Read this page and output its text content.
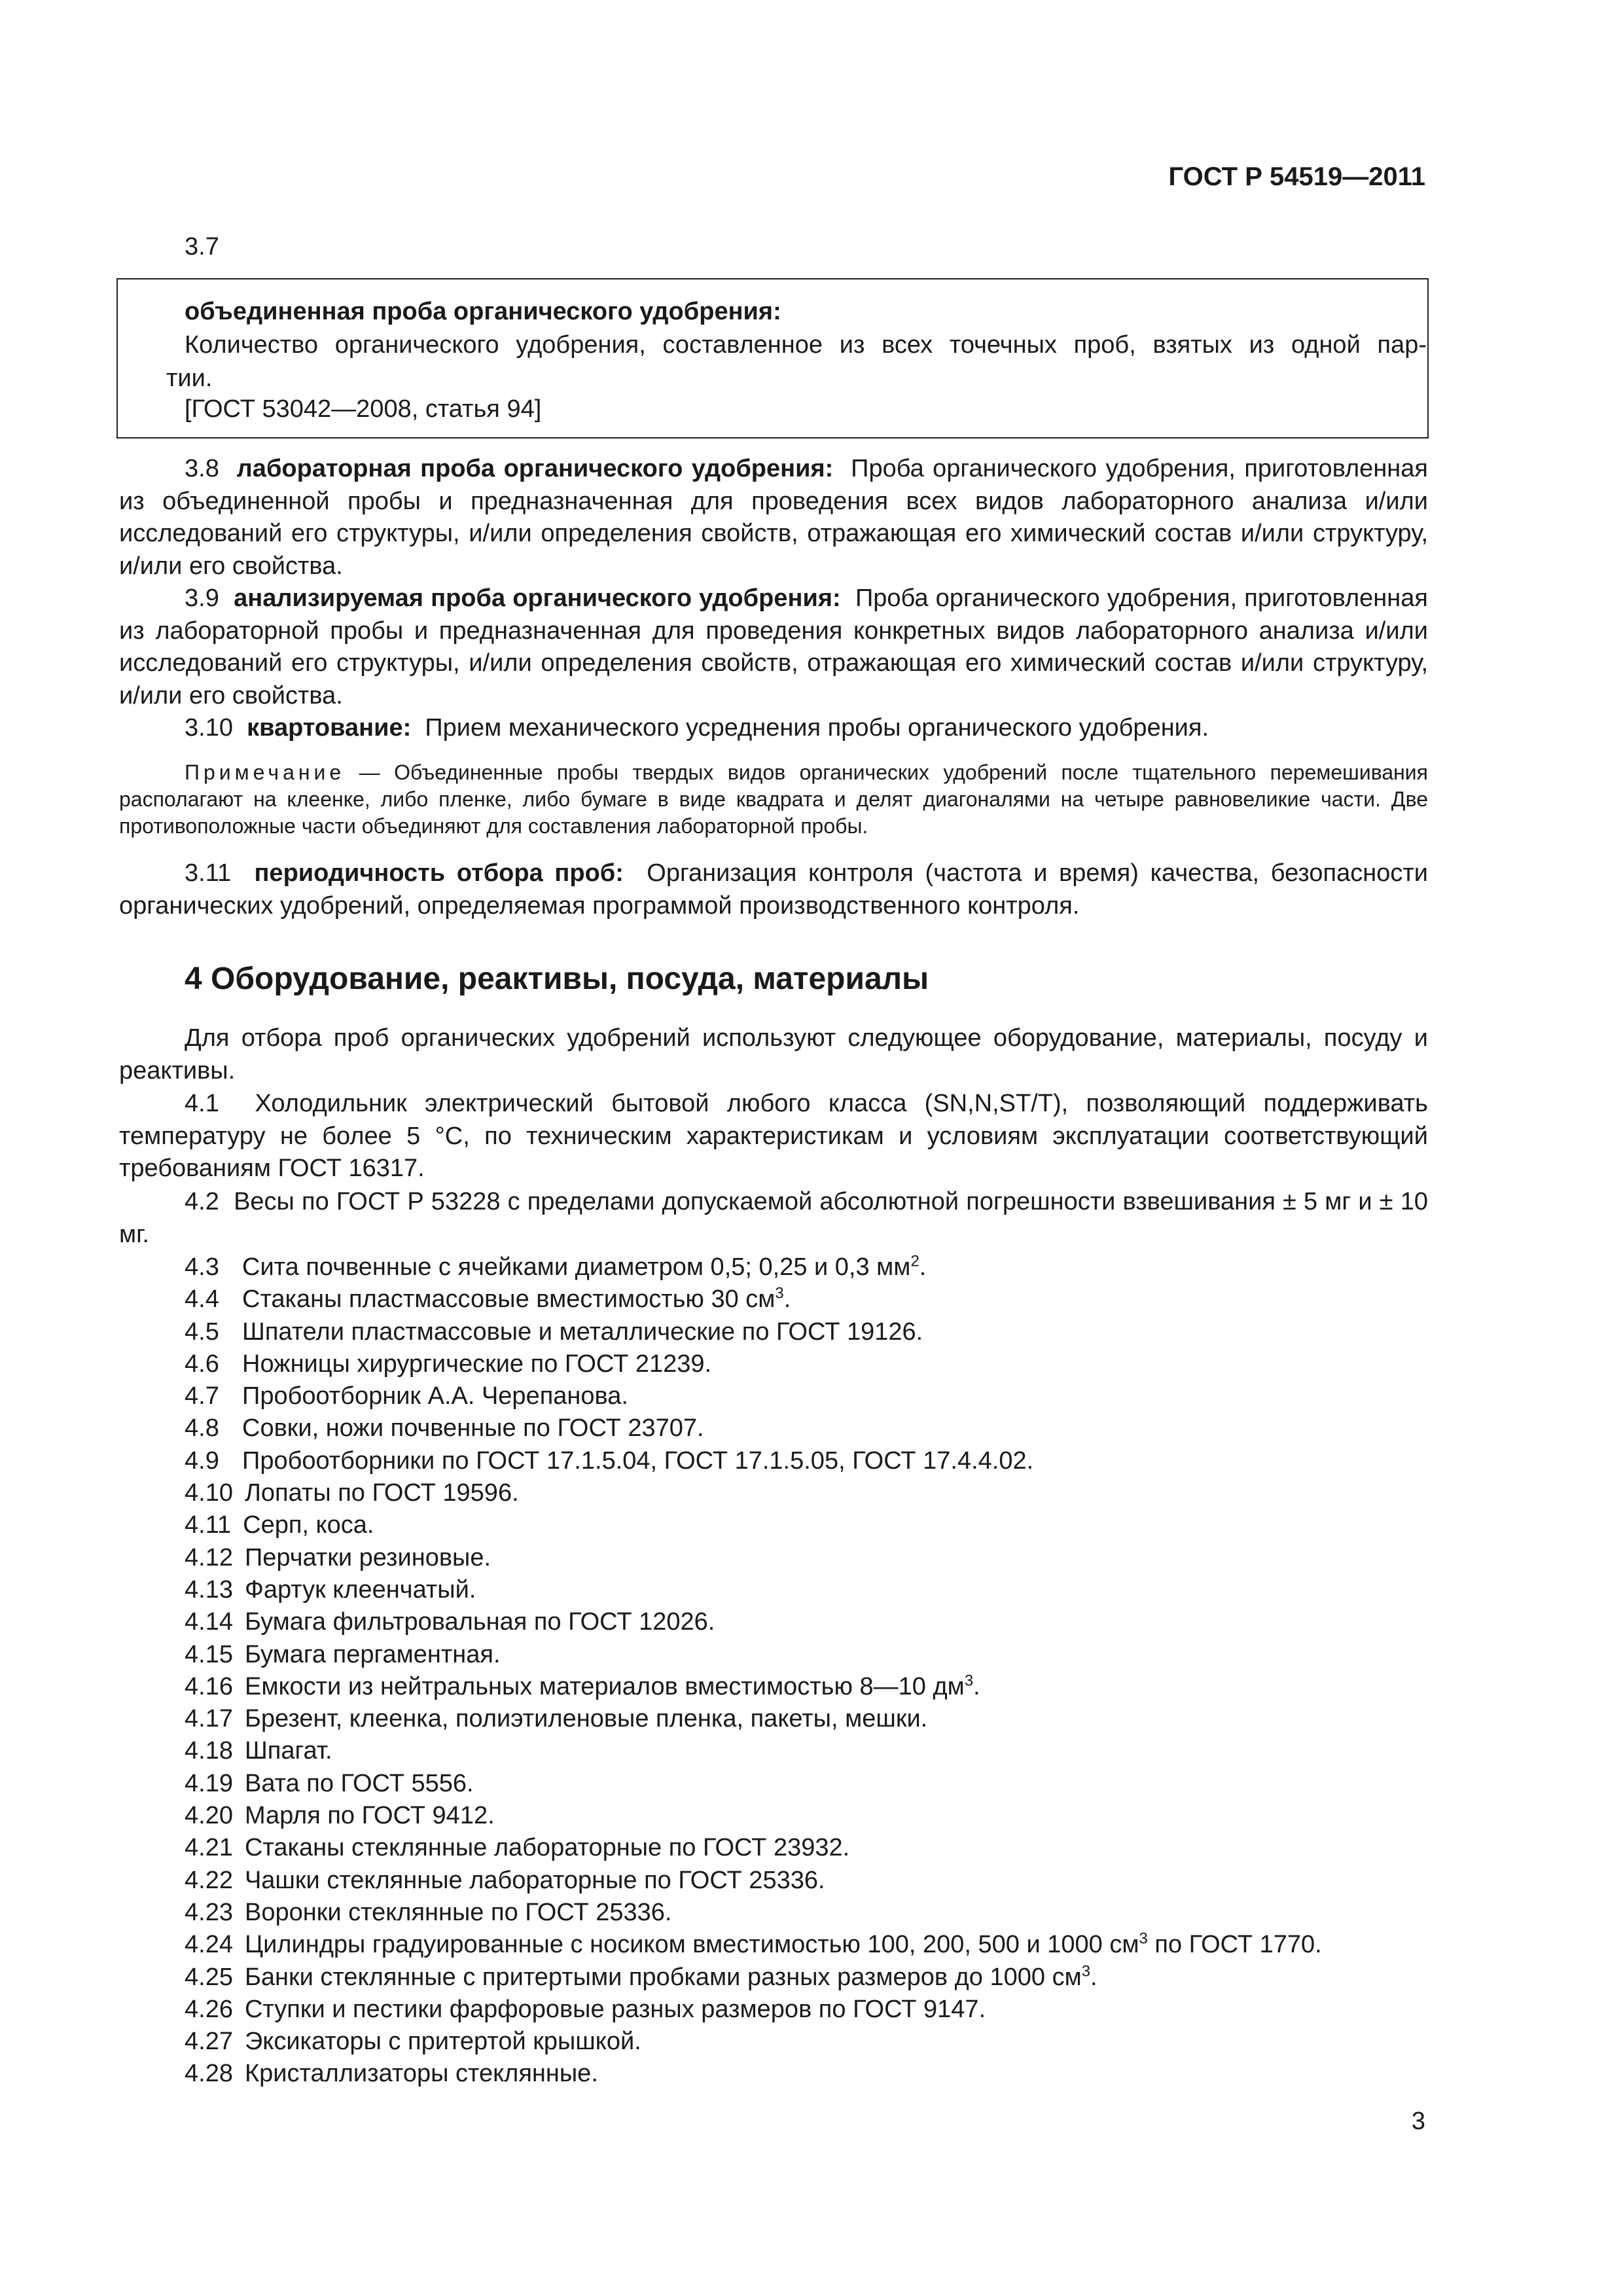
ГОСТ Р 54519—2011
3.7
объединенная проба органического удобрения:
Количество органического удобрения, составленное из всех точечных проб, взятых из одной пар-
тии.
[ГОСТ 53042—2008, статья 94]
3.8 лабораторная проба органического удобрения: Проба органического удобрения, приготовленная из объединенной пробы и предназначенная для проведения всех видов лабораторного анализа и/или исследований его структуры, и/или определения свойств, отражающая его химический состав и/или структуру, и/или его свойства.
3.9 анализируемая проба органического удобрения: Проба органического удобрения, приготовленная из лабораторной пробы и предназначенная для проведения конкретных видов лабораторного анализа и/или исследований его структуры, и/или определения свойств, отражающая его химический состав и/или структуру, и/или его свойства.
3.10 квартование: Прием механического усреднения пробы органического удобрения.
Примечание — Объединенные пробы твердых видов органических удобрений после тщательного перемешивания располагают на клеенке, либо пленке, либо бумаге в виде квадрата и делят диагоналями на четыре равновеликие части. Две противоположные части объединяют для составления лабораторной пробы.
3.11 периодичность отбора проб: Организация контроля (частота и время) качества, безопасности органических удобрений, определяемая программой производственного контроля.
4 Оборудование, реактивы, посуда, материалы
Для отбора проб органических удобрений используют следующее оборудование, материалы, посуду и реактивы.
4.1 Холодильник электрический бытовой любого класса (SN,N,ST/T), позволяющий поддерживать температуру не более 5 °С, по техническим характеристикам и условиям эксплуатации соответствующий требованиям ГОСТ 16317.
4.2 Весы по ГОСТ Р 53228 с пределами допускаемой абсолютной погрешности взвешивания ± 5 мг и ± 10 мг.
4.3 Сита почвенные с ячейками диаметром 0,5; 0,25 и 0,3 $мм^2$.
4.4 Стаканы пластмассовые вместимостью 30 $см^3$.
4.5 Шпатели пластмассовые и металлические по ГОСТ 19126.
4.6 Ножницы хирургические по ГОСТ 21239.
4.7 Пробоотборник А.А. Черепанова.
4.8 Совки, ножи почвенные по ГОСТ 23707.
4.9 Пробоотборники по ГОСТ 17.1.5.04, ГОСТ 17.1.5.05, ГОСТ 17.4.4.02.
4.10 Лопаты по ГОСТ 19596.
4.11 Серп, коса.
4.12 Перчатки резиновые.
4.13 Фартук клеенчатый.
4.14 Бумага фильтровальная по ГОСТ 12026.
4.15 Бумага пергаментная.
4.16 Емкости из нейтральных материалов вместимостью 8—10 $дм^3$.
4.17 Брезент, клеенка, полиэтиленовые пленка, пакеты, мешки.
4.18 Шпагат.
4.19 Вата по ГОСТ 5556.
4.20 Марля по ГОСТ 9412.
4.21 Стаканы стеклянные лабораторные по ГОСТ 23932.
4.22 Чашки стеклянные лабораторные по ГОСТ 25336.
4.23 Воронки стеклянные по ГОСТ 25336.
4.24 Цилиндры градуированные с носиком вместимостью 100, 200, 500 и 1000 $см^3$ по ГОСТ 1770.
4.25 Банки стеклянные с притертыми пробками разных размеров до 1000 $см^3$.
4.26 Ступки и пестики фарфоровые разных размеров по ГОСТ 9147.
4.27 Эксикаторы с притертой крышкой.
4.28 Кристаллизаторы стеклянные.
3
